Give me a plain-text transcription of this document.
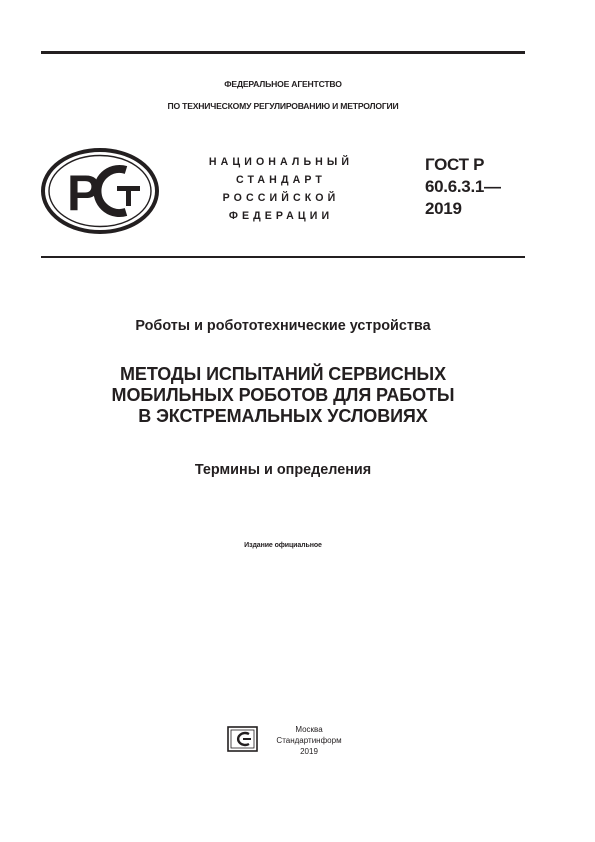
ФЕДЕРАЛЬНОЕ АГЕНТСТВО
ПО ТЕХНИЧЕСКОМУ РЕГУЛИРОВАНИЮ И МЕТРОЛОГИИ
Р
НАЦИОНАЛЬНЫЙ
СТАНДАРТ
РОССИЙСКОЙ
ФЕДЕРАЦИИ
ГОСТ Р
60.6.3.1—
2019
Роботы и робототехнические устройства
МЕТОДЫ ИСПЫТАНИЙ СЕРВИСНЫХ
МОБИЛЬНЫХ РОБОТОВ ДЛЯ РАБОТЫ
В ЭКСТРЕМАЛЬНЫХ УСЛОВИЯХ
Термины и определения
Издание официальное
Москва
Стандартинформ
2019
